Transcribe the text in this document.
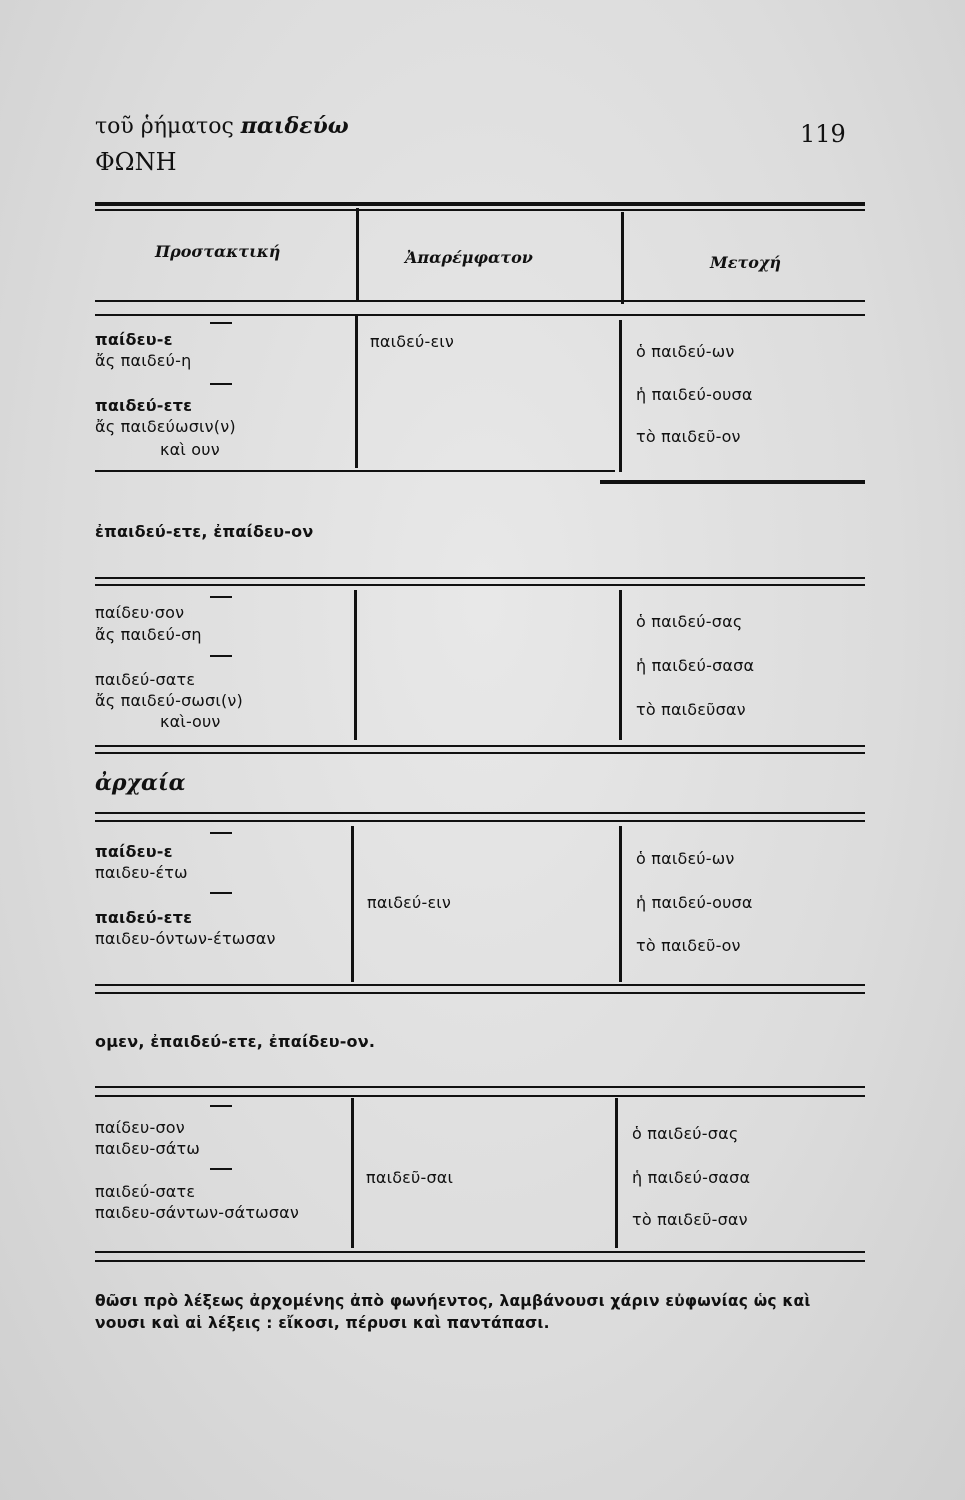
τοῦ ῥήματος παιδεύω
ΦΩΝΗ
119
Προστακτική	Ἀπαρέμφατον	Μετοχή
παίδευ-ε
ἄς παιδεύ-η
παιδεύ-ετε
ἄς παιδεύωσιν(ν)
καὶ ουν
παιδεύ-ειν
ὁ παιδεύ-ων
ἡ παιδεύ-ουσα
τὸ παιδεῦ-ον
ἐπαιδεύ-ετε, ἐπαίδευ-ον
παίδευ·σον
ἄς παιδεύ-ση
παιδεύ-σατε
ἄς παιδεύ-σωσι(ν)
καὶ-ουν
ὁ παιδεύ-σας
ἡ παιδεύ-σασα
τὸ παιδεῦσαν
ἀρχαία
παίδευ-ε
παιδευ-έτω
παιδεύ-ετε
παιδευ-όντων-έτωσαν
παιδεύ-ειν
ὁ παιδεύ-ων
ἡ παιδεύ-ουσα
τὸ παιδεῦ-ον
ομεν, ἐπαιδεύ-ετε, ἐπαίδευ-ον.
παίδευ-σον
παιδευ-σάτω
παιδεύ-σατε
παιδευ-σάντων-σάτωσαν
παιδεῦ-σαι
ὁ παιδεύ-σας
ἡ παιδεύ-σασα
τὸ παιδεῦ-σαν
θῶσι πρὸ λέξεως ἀρχομένης ἀπὸ φωνήεντος, λαμβάνουσι χάριν εὐφωνίας ὡς καὶ
νουσι καὶ αἱ λέξεις : εἴκοσι, πέρυσι καὶ παντάπασι.
